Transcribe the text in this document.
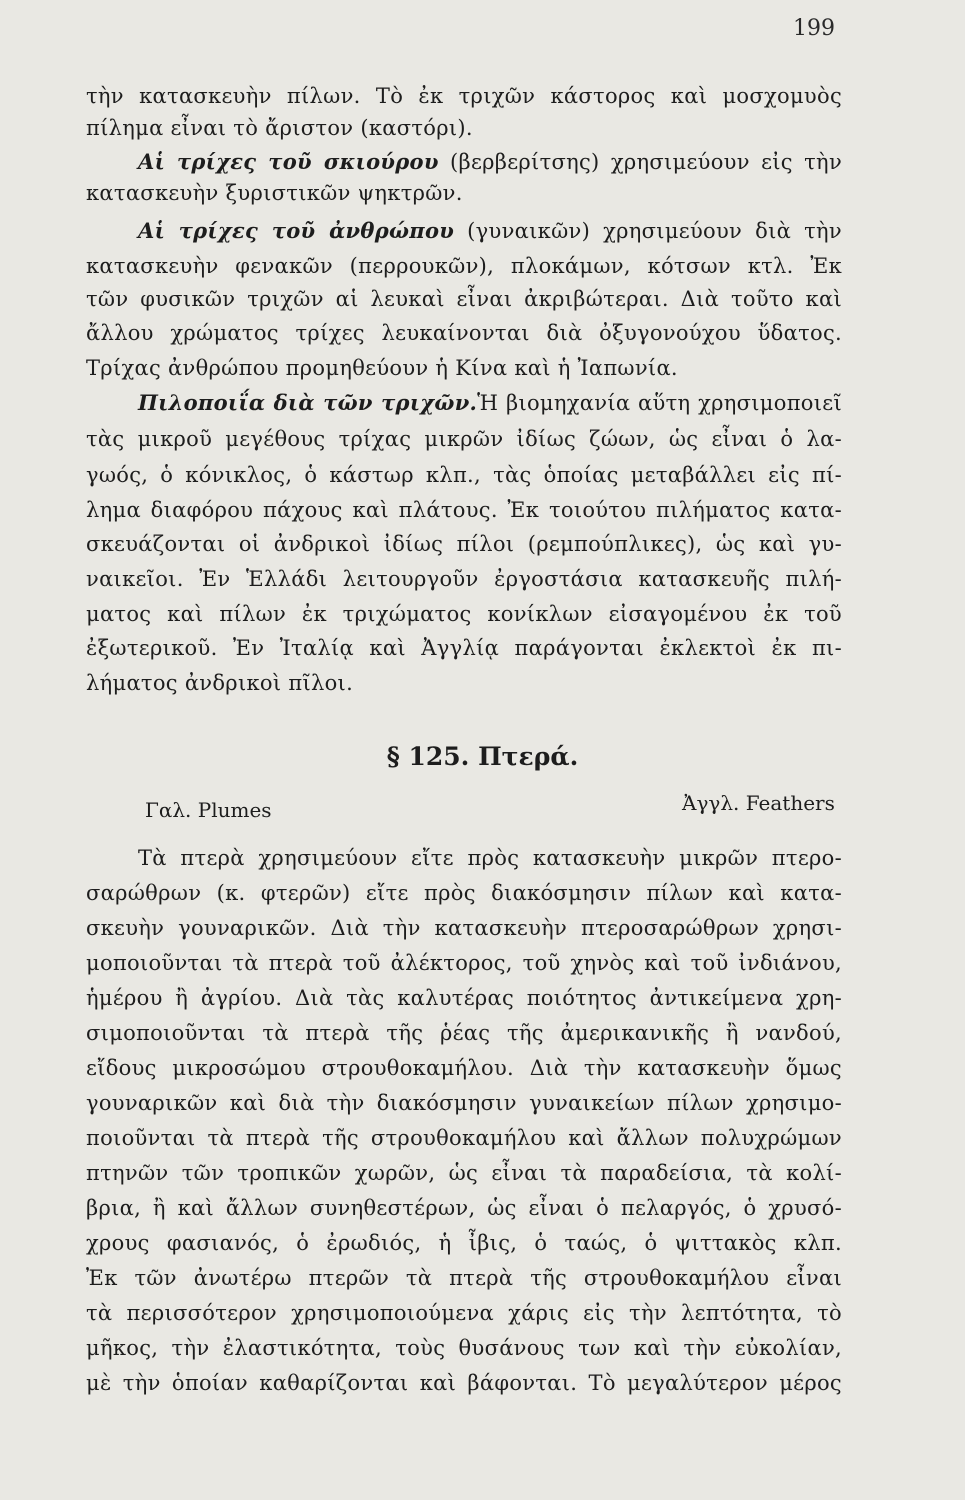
199
τὴν κατασκευὴν πίλων. Τὸ ἐκ τριχῶν κάστορος καὶ μοσχομυὸς
πίλημα εἶναι τὸ ἄριστον (καστόρι).
Αἱ τρίχες τοῦ σκιούρου (βερβερίτσης) χρησιμεύουν εἰς τὴν
κατασκευὴν ξυριστικῶν ψηκτρῶν.
Αἱ τρίχες τοῦ ἀνθρώπου (γυναικῶν) χρησιμεύουν διὰ τὴν
κατασκευὴν φενακῶν (περρουκῶν), πλοκάμων, κότσων κτλ. Ἐκ
τῶν φυσικῶν τριχῶν αἱ λευκαὶ εἶναι ἀκριβώτεραι. Διὰ τοῦτο καὶ
ἄλλου χρώματος τρίχες λευκαίνονται διὰ ὀξυγονούχου ὕδατος.
Τρίχας ἀνθρώπου προμηθεύουν ἡ Κίνα καὶ ἡ Ἰαπωνία.
Πιλοποιΐα διὰ τῶν τριχῶν.Ἡ βιομηχανία αὕτη χρησιμοποιεῖ
τὰς μικροῦ μεγέθους τρίχας μικρῶν ἰδίως ζώων, ὡς εἶναι ὁ λα-
γωός, ὁ κόνικλος, ὁ κάστωρ κλπ., τὰς ὁποίας μεταβάλλει εἰς πί-
λημα διαφόρου πάχους καὶ πλάτους. Ἐκ τοιούτου πιλήματος κατα-
σκευάζονται οἱ ἀνδρικοὶ ἰδίως πίλοι (ρεμπούπλικες), ὡς καὶ γυ-
ναικεῖοι. Ἐν Ἑλλάδι λειτουργοῦν ἐργοστάσια κατασκευῆς πιλή-
ματος καὶ πίλων ἐκ τριχώματος κονίκλων εἰσαγομένου ἐκ τοῦ
ἐξωτερικοῦ. Ἐν Ἰταλίᾳ καὶ Ἀγγλίᾳ παράγονται ἐκλεκτοὶ ἐκ πι-
λήματος ἀνδρικοὶ πῖλοι.
§ 125. Πτερά.
Γαλ. Plumes	Ἀγγλ. Feathers
Τὰ πτερὰ χρησιμεύουν εἴτε πρὸς κατασκευὴν μικρῶν πτερο-
σαρώθρων (κ. φτερῶν) εἴτε πρὸς διακόσμησιν πίλων καὶ κατα-
σκευὴν γουναρικῶν. Διὰ τὴν κατασκευὴν πτεροσαρώθρων χρησι-
μοποιοῦνται τὰ πτερὰ τοῦ ἀλέκτορος, τοῦ χηνὸς καὶ τοῦ ἰνδιάνου,
ἡμέρου ἢ ἀγρίου. Διὰ τὰς καλυτέρας ποιότητος ἀντικείμενα χρη-
σιμοποιοῦνται τὰ πτερὰ τῆς ῥέας τῆς ἀμερικανικῆς ἢ νανδού,
εἴδους μικροσώμου στρουθοκαμήλου. Διὰ τὴν κατασκευὴν ὅμως
γουναρικῶν καὶ διὰ τὴν διακόσμησιν γυναικείων πίλων χρησιμο-
ποιοῦνται τὰ πτερὰ τῆς στρουθοκαμήλου καὶ ἄλλων πολυχρώμων
πτηνῶν τῶν τροπικῶν χωρῶν, ὡς εἶναι τὰ παραδείσια, τὰ κολί-
βρια, ἢ καὶ ἄλλων συνηθεστέρων, ὡς εἶναι ὁ πελαργός, ὁ χρυσό-
χρους φασιανός, ὁ ἐρωδιός, ἡ ἶβις, ὁ ταώς, ὁ ψιττακὸς κλπ.
Ἐκ τῶν ἀνωτέρω πτερῶν τὰ πτερὰ τῆς στρουθοκαμήλου εἶναι
τὰ περισσότερον χρησιμοποιούμενα χάρις εἰς τὴν λεπτότητα, τὸ
μῆκος, τὴν ἐλαστικότητα, τοὺς θυσάνους των καὶ τὴν εὐκολίαν,
μὲ τὴν ὁποίαν καθαρίζονται καὶ βάφονται. Τὸ μεγαλύτερον μέρος
